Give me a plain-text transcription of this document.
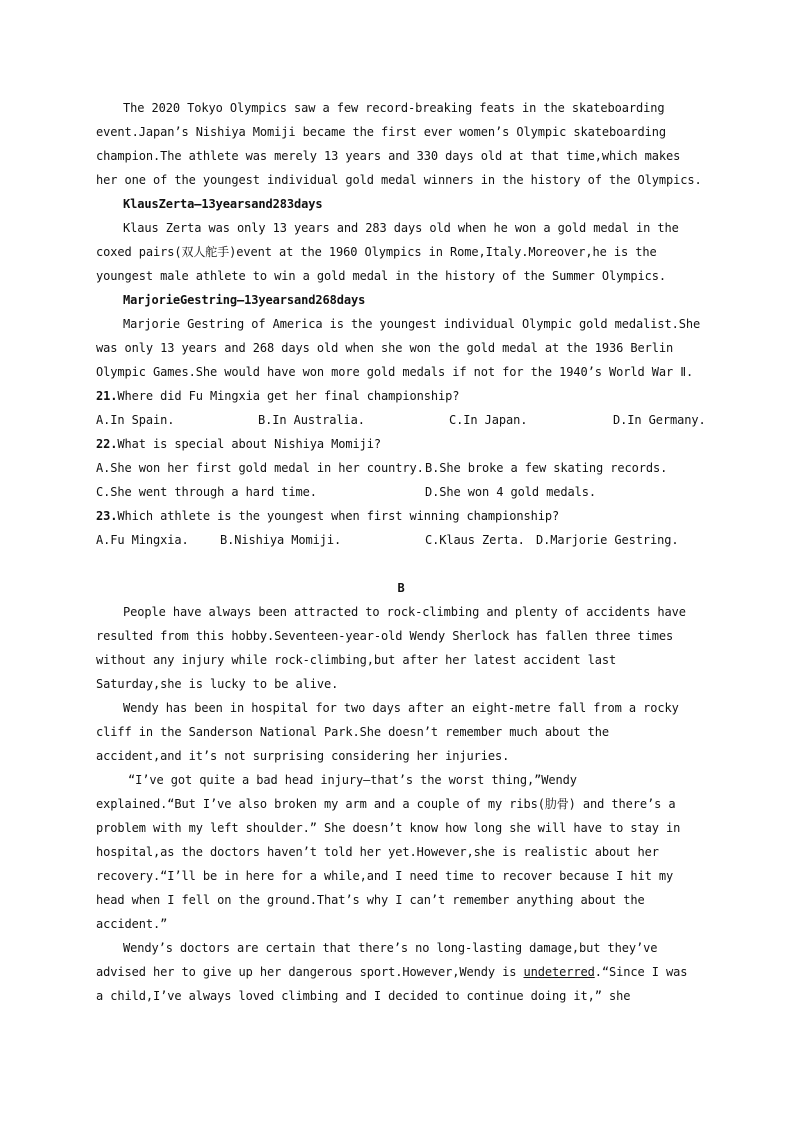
The 2020 Tokyo Olympics saw a few record-breaking feats in the skateboarding
event.Japan’s Nishiya Momiji became the first ever women’s Olympic skateboarding
champion.The athlete was merely 13 years and 330 days old at that time,which makes
her one of the youngest individual gold medal winners in the history of the Olympics.
KlausZerta—13yearsand283days
Klaus Zerta was only 13 years and 283 days old when he won a gold medal in the
coxed pairs(双人舵手)event at the 1960 Olympics in Rome,Italy.Moreover,he is the
youngest male athlete to win a gold medal in the history of the Summer Olympics.
MarjorieGestring—13yearsand268days
Marjorie Gestring of America is the youngest individual Olympic gold medalist.She
was only 13 years and 268 days old when she won the gold medal at the 1936 Berlin
Olympic Games.She would have won more gold medals if not for the 1940’s World War Ⅱ.
21.Where did Fu Mingxia get her final championship?

A.In Spain.

	B.In Australia.

	C.In Japan.

	D.In Germany.

22.What is special about Nishiya Momiji?

A.She won her first gold medal in her country.

B.She broke a few skating records.

C.She went through a hard time.

	D.She won 4 gold medals.

23.Which athlete is the youngest when first winning championship?

A.Fu Mingxia.

	B.Nishiya Momiji.

	C.Klaus Zerta.

D.Marjorie Gestring.

B
People have always been attracted to rock-climbing and plenty of accidents have
resulted from this hobby.Seventeen-year-old Wendy Sherlock has fallen three times
without any injury while rock-climbing,but after her latest accident last
Saturday,she is lucky to be alive.
Wendy has been in hospital for two days after an eight-metre fall from a rocky
cliff in the Sanderson National Park.She doesn’t remember much about the
accident,and it’s not surprising considering her injuries.
“I’ve got quite a bad head injury—that’s the worst thing,”Wendy
explained.“But I’ve also broken my arm and a couple of my ribs(肋骨) and there’s a
problem with my left shoulder.” She doesn’t know how long she will have to stay in
hospital,as the doctors haven’t told her yet.However,she is realistic about her
recovery.“I’ll be in here for a while,and I need time to recover because I hit my
head when I fell on the ground.That’s why I can’t remember anything about the
accident.”
Wendy’s doctors are certain that there’s no long-lasting damage,but they’ve
advised her to give up her dangerous sport.However,Wendy is undeterred.“Since I was
a child,I’ve always loved climbing and I decided to continue doing it,” she
